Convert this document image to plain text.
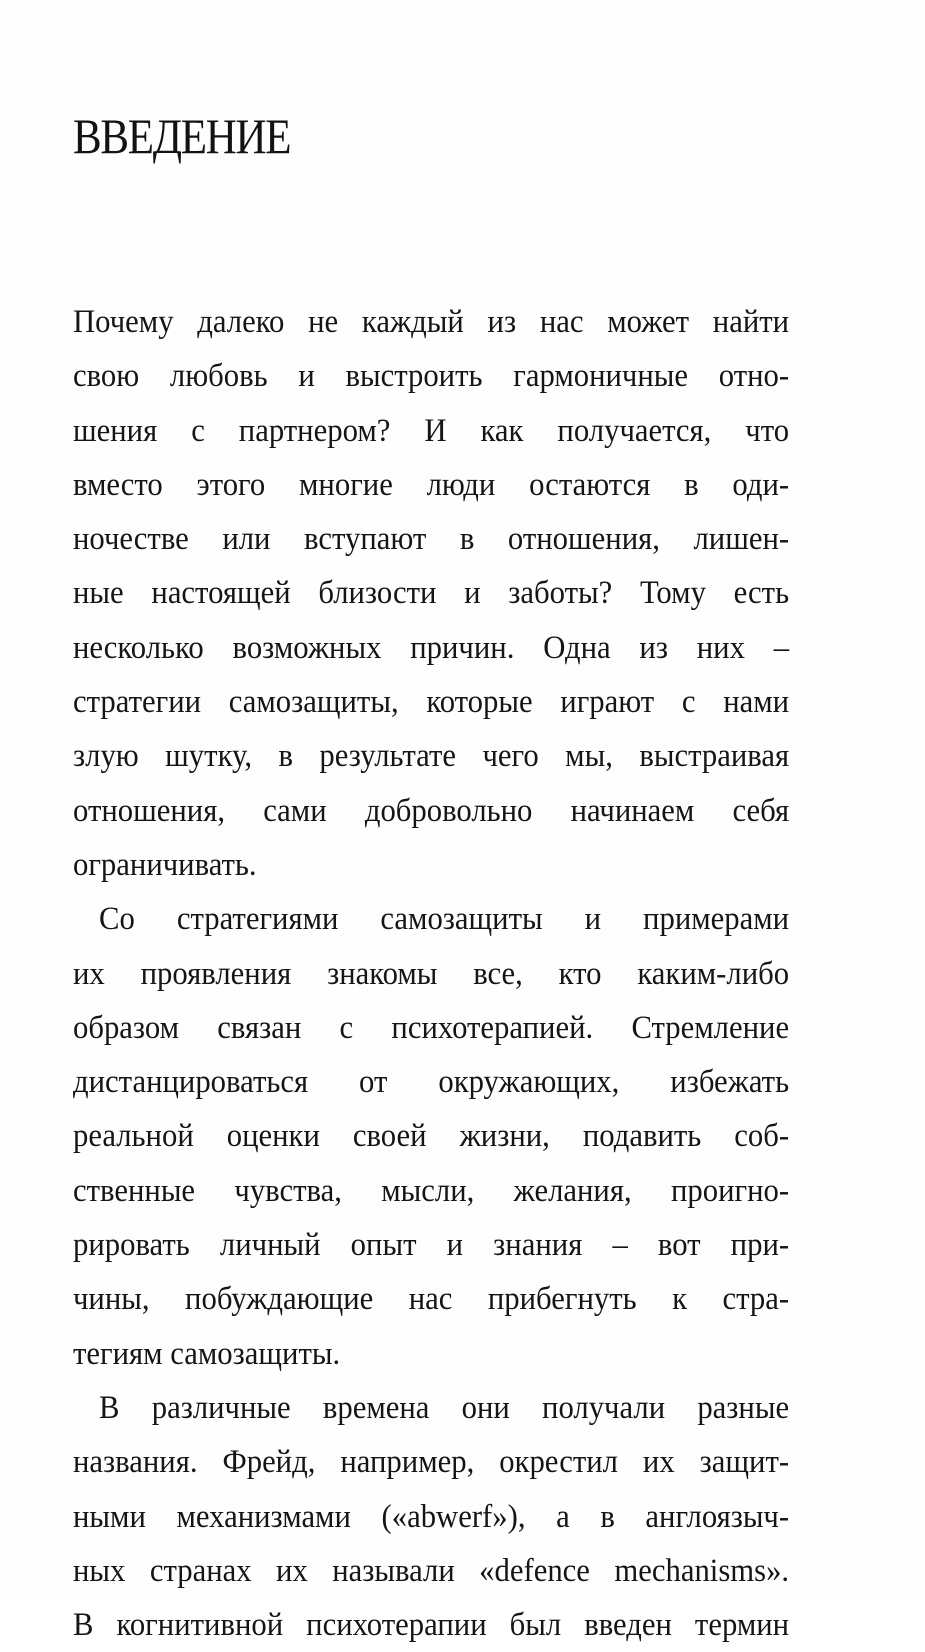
ВВЕДЕНИЕ
Почему далеко не каждый из нас может найти
свою любовь и выстроить гармоничные отно-
шения с партнером? И как получается, что
вместо этого многие люди остаются в оди-
ночестве или вступают в отношения, лишен-
ные настоящей близости и заботы? Тому есть
несколько возможных причин. Одна из них –
стратегии самозащиты, которые играют с нами
злую шутку, в результате чего мы, выстраивая
отношения, сами добровольно начинаем себя
ограничивать.
Со стратегиями самозащиты и примерами
их проявления знакомы все, кто каким-либо
образом связан с психотерапией. Стремление
дистанцироваться от окружающих, избежать
реальной оценки своей жизни, подавить соб-
ственные чувства, мысли, желания, проигно-
рировать личный опыт и знания – вот при-
чины, побуждающие нас прибегнуть к стра-
тегиям самозащиты.
В различные времена они получали разные
названия. Фрейд, например, окрестил их защит-
ными механизмами («abwerf»), а в англоязыч-
ных странах их называли «defence mechanisms».
В когнитивной психотерапии был введен термин
